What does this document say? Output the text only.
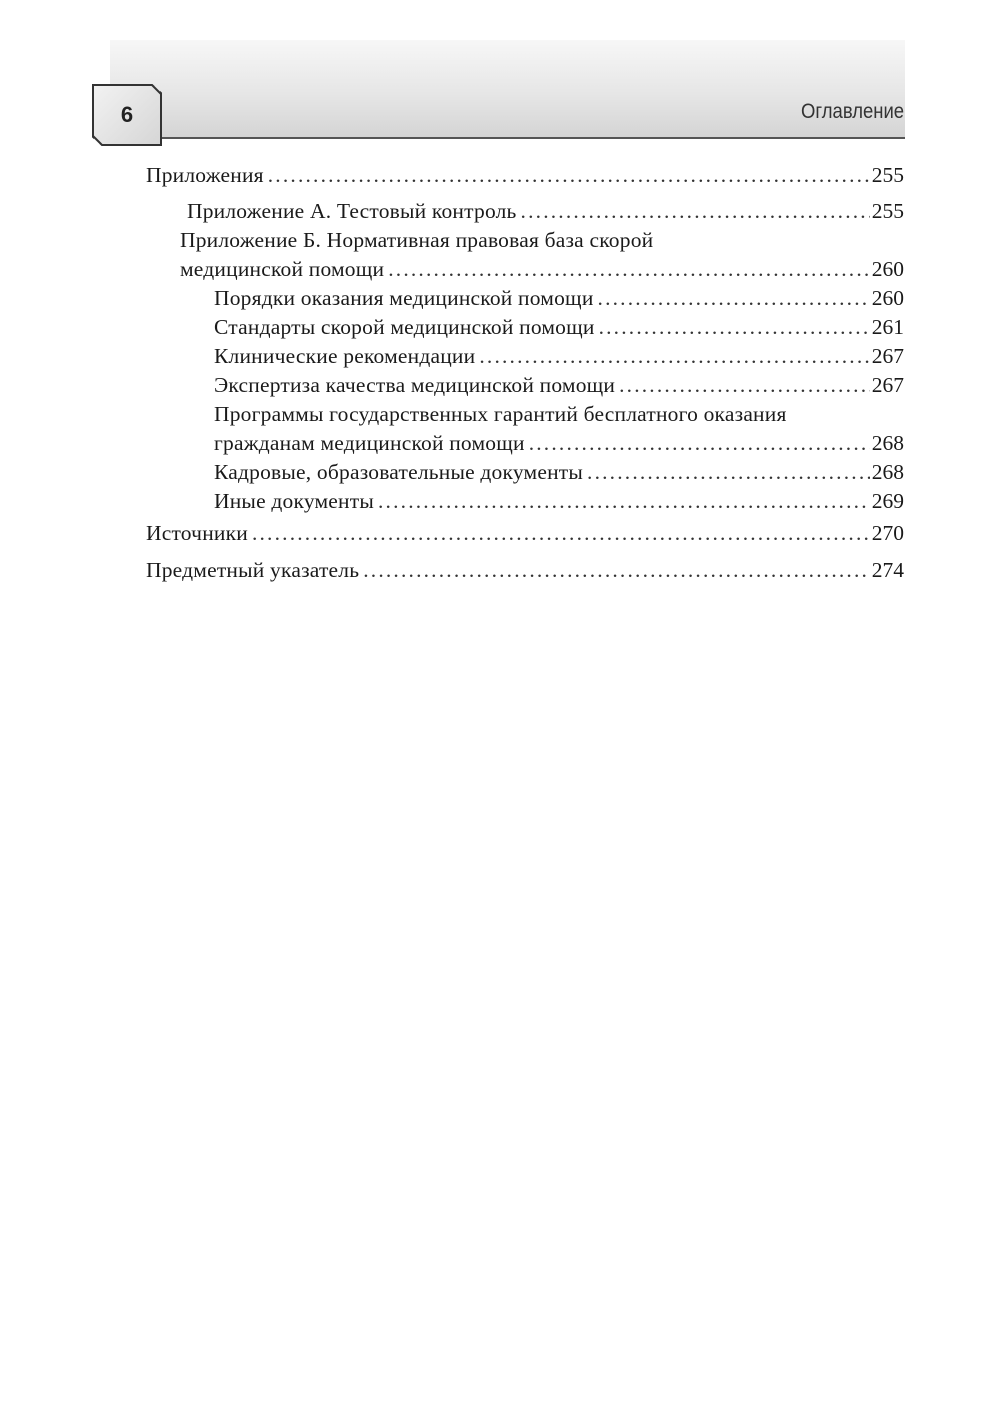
6	Оглавление
Приложения . . .	255
Приложение А. Тестовый контроль . . .	255
Приложение Б. Нормативная правовая база скорой
медицинской помощи . . .	260
Порядки оказания медицинской помощи . . .	260
Стандарты скорой медицинской помощи . . .	261
Клинические рекомендации . . .	267
Экспертиза качества медицинской помощи . . .	267
Программы государственных гарантий бесплатного оказания
гражданам медицинской помощи . . .	268
Кадровые, образовательные документы . . .	268
Иные документы . . .	269
Источники . . .	270
Предметный указатель . . .	274
